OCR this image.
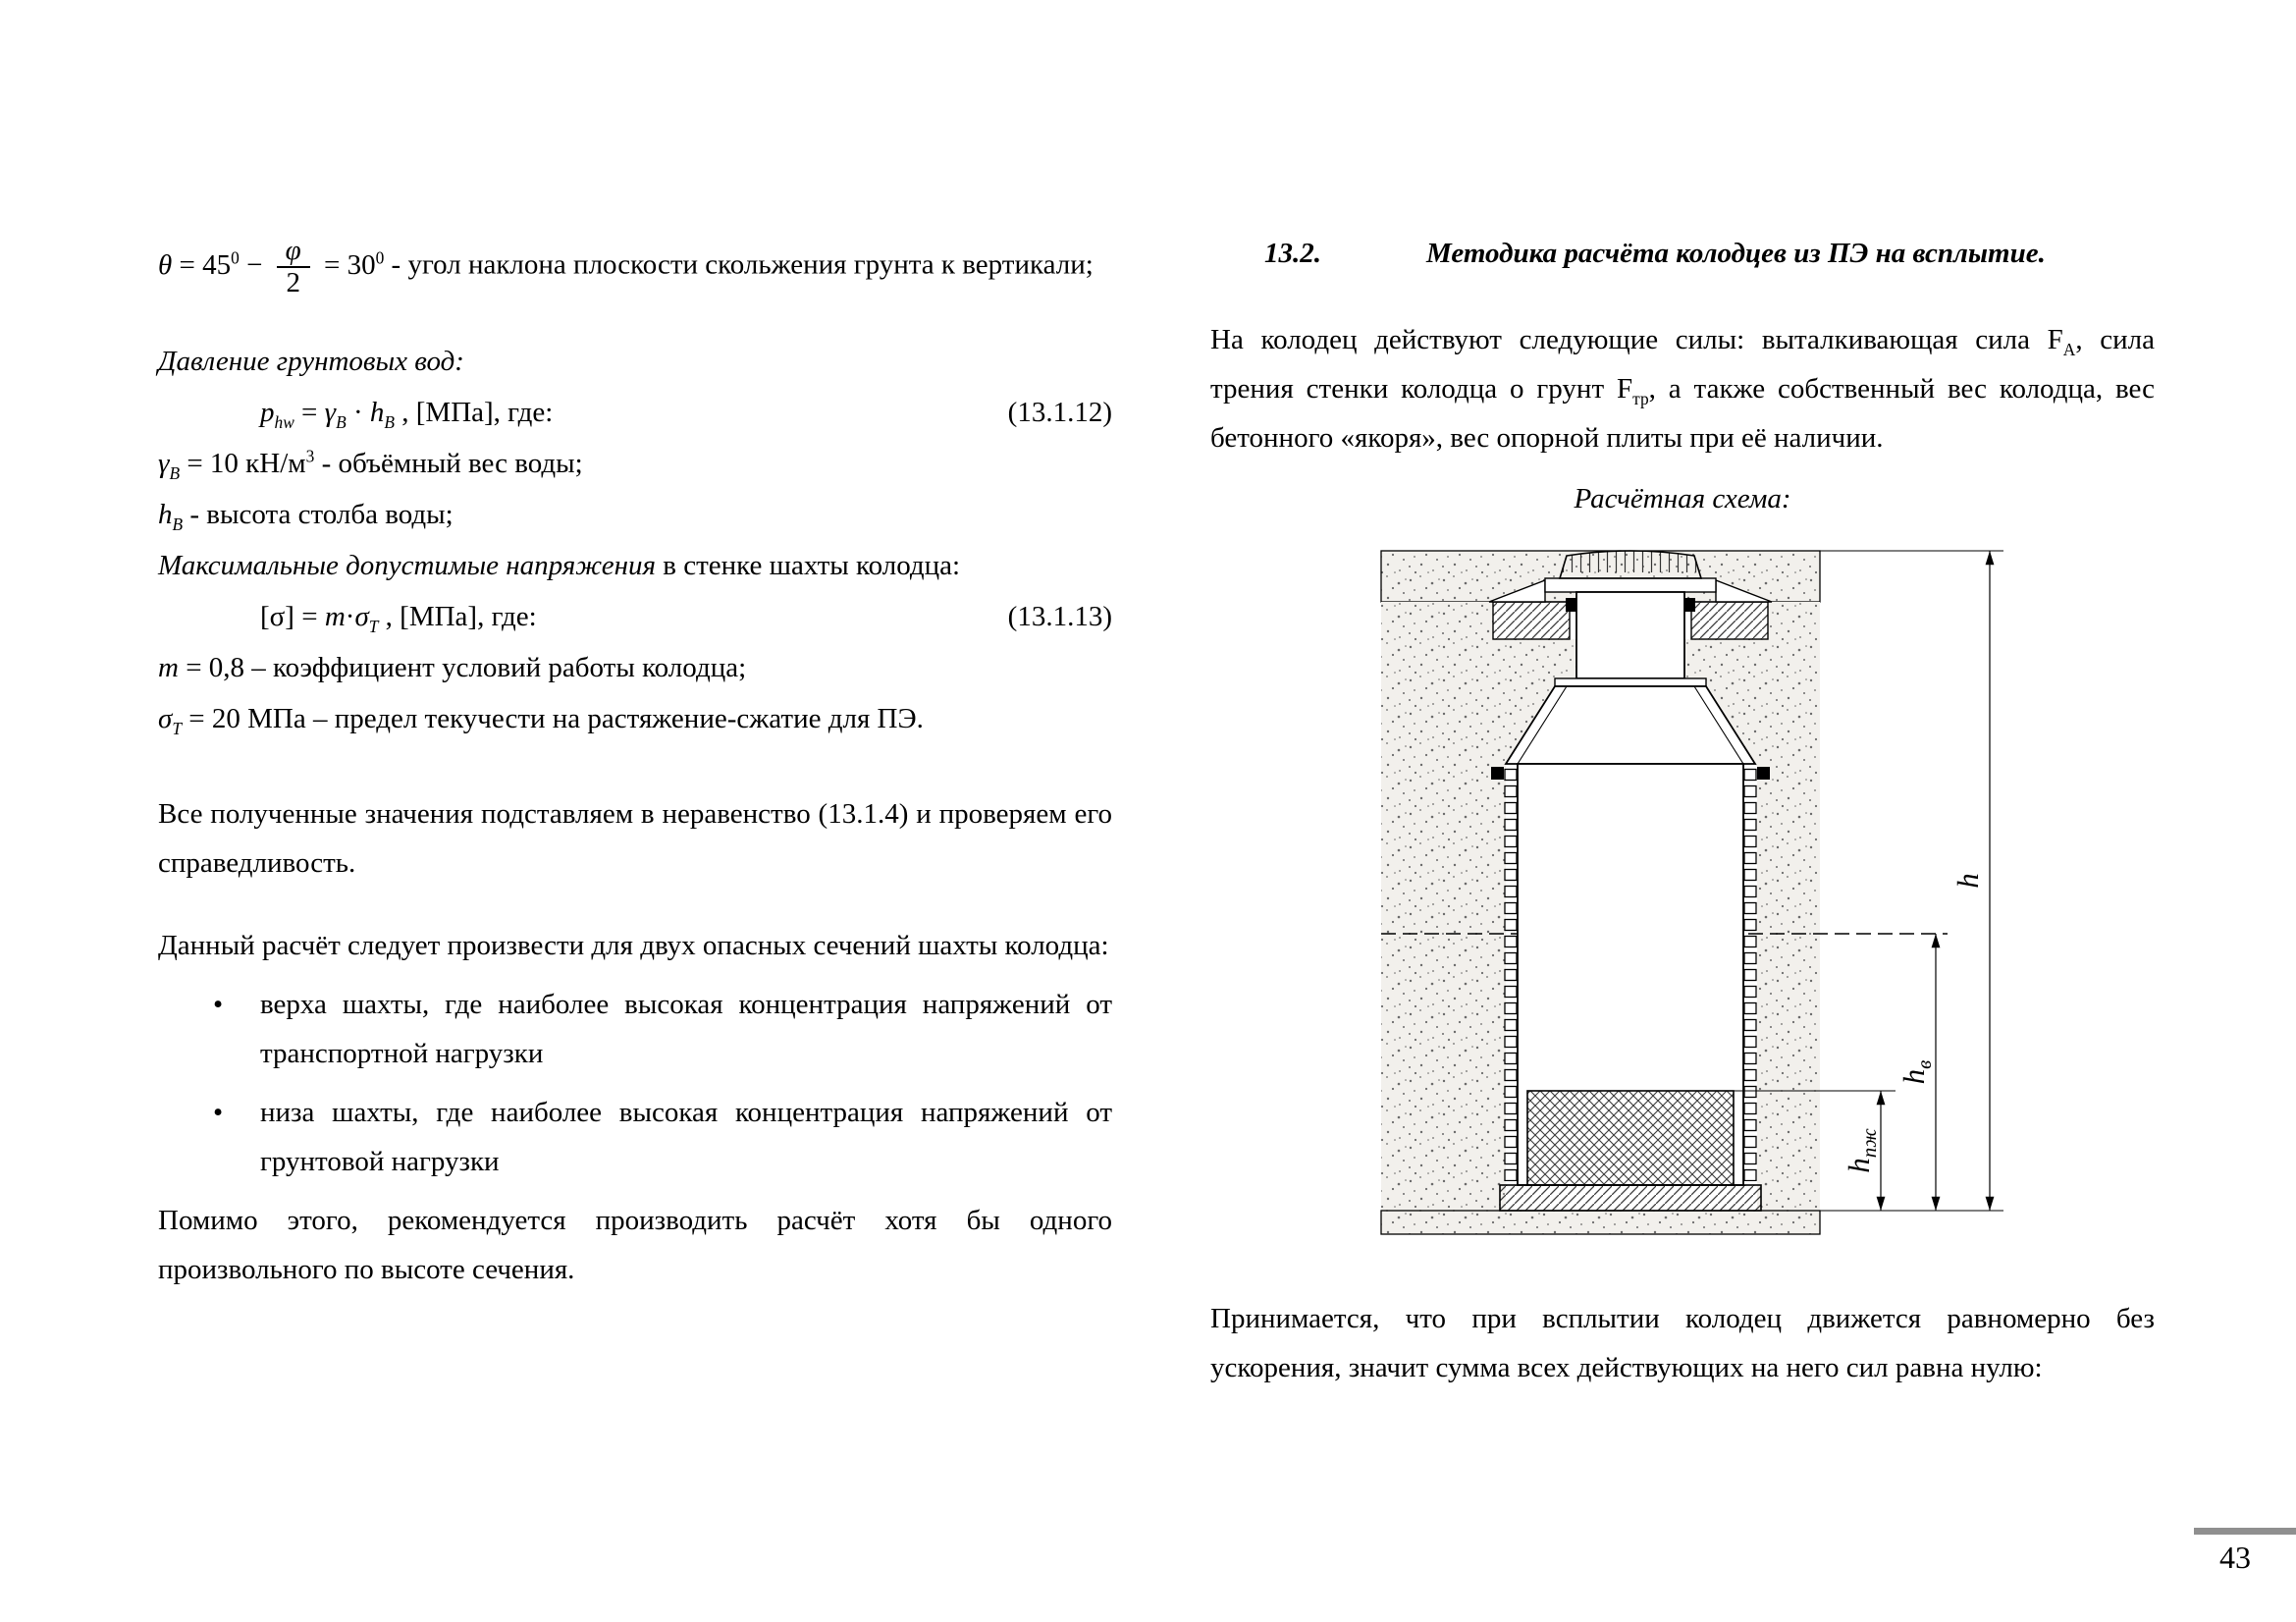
$\theta = 45^0 - \frac{\varphi}{2} = 30^0$ - угол наклона плоскости скольжения грунта к вертикали;

Давление грунтовых вод:

$p_{hw} = \gamma_В \cdot h_В$ , [МПа], где:	(13.1.12)

$\gamma_В = 10$ $кН/м^3$ - объёмный вес воды;

$h_В$ - высота столба воды;

Максимальные допустимые напряжения в стенке шахты колодца:

$[\sigma] = m\cdot\sigma_Т$ , [МПа], где:	(13.1.13)

m = 0,8 – коэффициент условий работы колодца;

$\sigma_Т = 20$ МПа – предел текучести на растяжение-сжатие для ПЭ.

Все полученные значения подставляем в неравенство (13.1.4) и проверяем его справедливость.

Данный расчёт следует произвести для двух опасных сечений шахты колодца:

•	верха шахты, где наиболее высокая концентрация напряжений от транспортной нагрузки
•	низа шахты, где наиболее высокая концентрация напряжений от грунтовой нагрузки

Помимо этого, рекомендуется производить расчёт хотя бы одного произвольного по высоте сечения.

13.2.	Методика расчёта колодцев из ПЭ на всплытие.

На колодец действуют следующие силы: выталкивающая сила $F_А$, сила трения стенки колодца о грунт $F_{тр}$, а также собственный вес колодца, вес бетонного «якоря», вес опорной плиты при её наличии.

Расчётная схема:

h
$h_в$
$h_{пж}$

Принимается, что при всплытии колодец движется равномерно без ускорения, значит сумма всех действующих на него сил равна нулю:

43
